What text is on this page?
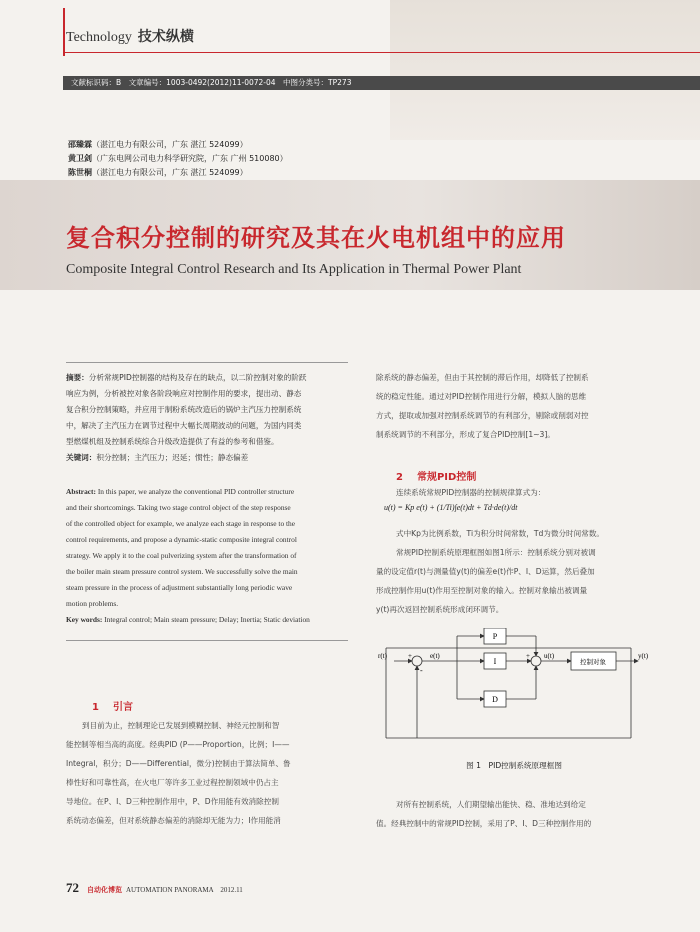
Technology 技术纵横
文献标识码：B　文章编号：1003-0492(2012)11-0072-04　中图分类号：TP273
邵臻霖（湛江电力有限公司，广东 湛江 524099）
黄卫剑（广东电网公司电力科学研究院，广东 广州 510080）
陈世桐（湛江电力有限公司，广东 湛江 524099）
复合积分控制的研究及其在火电机组中的应用
Composite Integral Control Research and Its Application in Thermal Power Plant
摘要：分析常规PID控制器的结构及存在的缺点，以二阶控制对象的阶跃
响应为例，分析被控对象各阶段响应对控制作用的要求，提出动、静态
复合积分控制策略，并应用于制粉系统改造后的锅炉主汽压力控制系统
中，解决了主汽压力在调节过程中大幅长周期波动的问题，为国内同类
型燃煤机组及控制系统综合升级改造提供了有益的参考和借鉴。
关键词：积分控制；主汽压力；迟延；惯性；静态偏差
Abstract: In this paper, we analyze the conventional PID controller structure
and their shortcomings. Taking two stage control object of the step response
of the controlled object for example, we analyze each stage in response to the
control requirements, and propose a dynamic-static composite integral control
strategy. We apply it to the coal pulverizing system after the transformation of
the boiler main steam pressure control system. We successfully solve the main
steam pressure in the process of adjustment substantially long periodic wave
motion problems.
Key words: Integral control; Main steam pressure; Delay; Inertia; Static deviation
1 引言
到目前为止，控制理论已发展到模糊控制、神经元控制和智
能控制等相当高的高度。经典PID (P——Proportion，比例；I——
Integral，积分；D——Differential，微分)控制由于算法简单、鲁
棒性好和可靠性高，在火电厂等许多工业过程控制领域中仍占主
导地位。在P、I、D三种控制作用中，P、D作用能有效消除控制
系统动态偏差，但对系统静态偏差的消除却无能为力；I作用能消
除系统的静态偏差，但由于其控制的滞后作用，却降低了控制系
统的稳定性能。通过对PID控制作用进行分解，模拟人脑的思维
方式，提取或加强对控制系统调节的有利部分，剔除或削弱对控
制系统调节的不利部分，形成了复合PID控制[1~3]。
2 常规PID控制
连续系统常规PID控制器的控制规律算式为：
u(t) = Kp e(t) + (1/Ti)∫e(t)dt + Td·de(t)/dt
式中Kp为比例系数，Ti为积分时间常数，Td为微分时间常数。
常规PID控制系统原理框图如图1所示：控制系统分别对被调
量的设定值r(t)与测量值y(t)的偏差e(t)作P、I、D运算，然后叠加
形成控制作用u(t)作用至控制对象的输入。控制对象输出被调量
y(t)再次返回控制系统形成闭环调节。
P
I
D
控制对象
r(t)	e(t)	u(t)	y(t)
+
-
+
图 1　PID控制系统原理框图
对所有控制系统，人们期望输出能快、稳、准地达到给定
值。经典控制中的常规PID控制，采用了P、I、D三种控制作用的
72 自动化博览 AUTOMATION PANORAMA　2012.11
